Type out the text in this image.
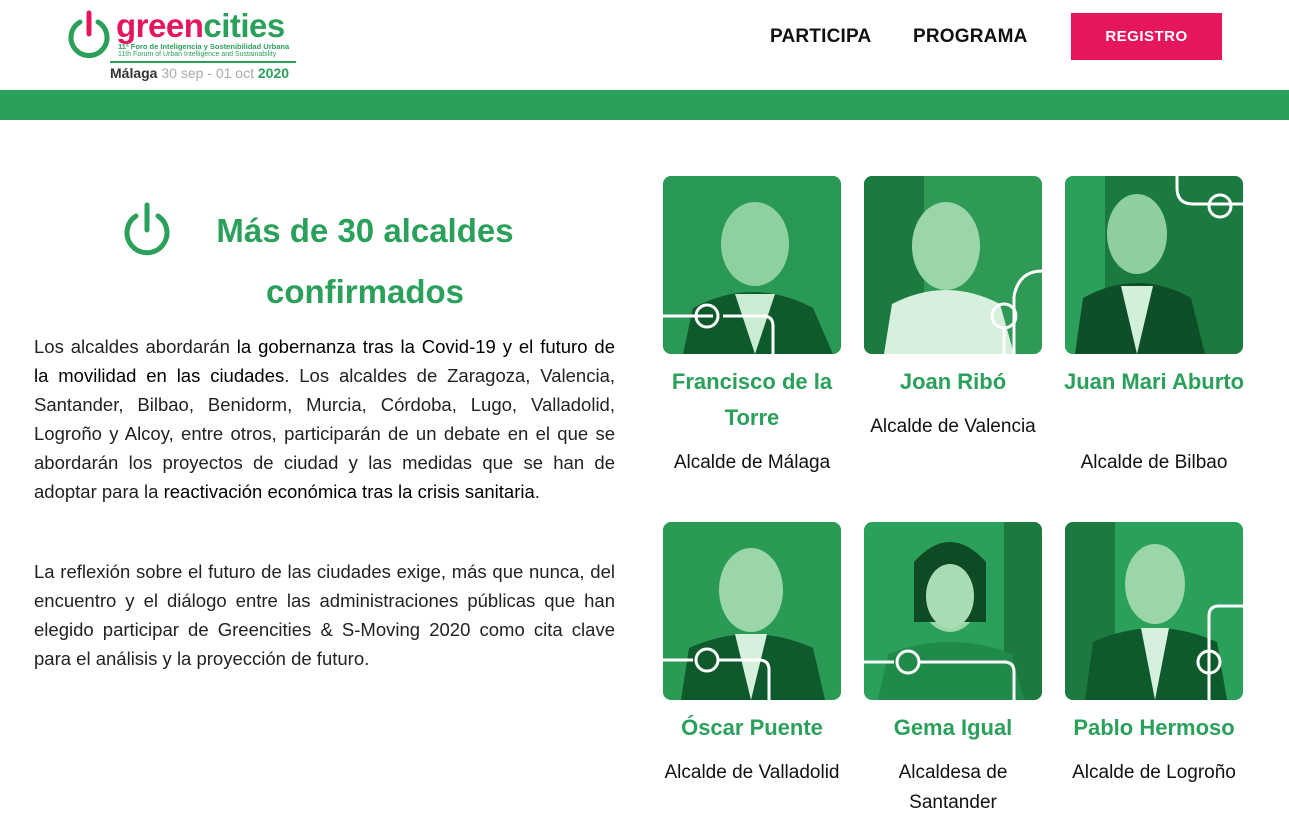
greencities
11º Foro de Inteligencia y Sostenibilidad Urbana
11th Forum of Urban Intelligence and Sustainability
Málaga 30 sep - 01 oct 2020
PARTICIPA PROGRAMA	REGISTRO
Más de 30 alcaldes confirmados

Los alcaldes abordarán la gobernanza tras la Covid-19 y el futuro de la movilidad en las ciudades. Los alcaldes de Zaragoza, Valencia, Santander, Bilbao, Benidorm, Murcia, Córdoba, Lugo, Valladolid, Logroño y Alcoy, entre otros, participarán de un debate en el que se abordarán los proyectos de ciudad y las medidas que se han de adoptar para la reactivación económica tras la crisis sanitaria.

La reflexión sobre el futuro de las ciudades exige, más que nunca, del encuentro y el diálogo entre las administraciones públicas que han elegido participar de Greencities & S-Moving 2020 como cita clave para el análisis y la proyección de futuro.

Francisco de la Torre
Alcalde de Málaga
Joan Ribó
Alcalde de Valencia
Juan Mari Aburto
Alcalde de Bilbao
Óscar Puente
Alcalde de Valladolid
Gema Igual
Alcaldesa de Santander
Pablo Hermoso
Alcalde de Logroño
